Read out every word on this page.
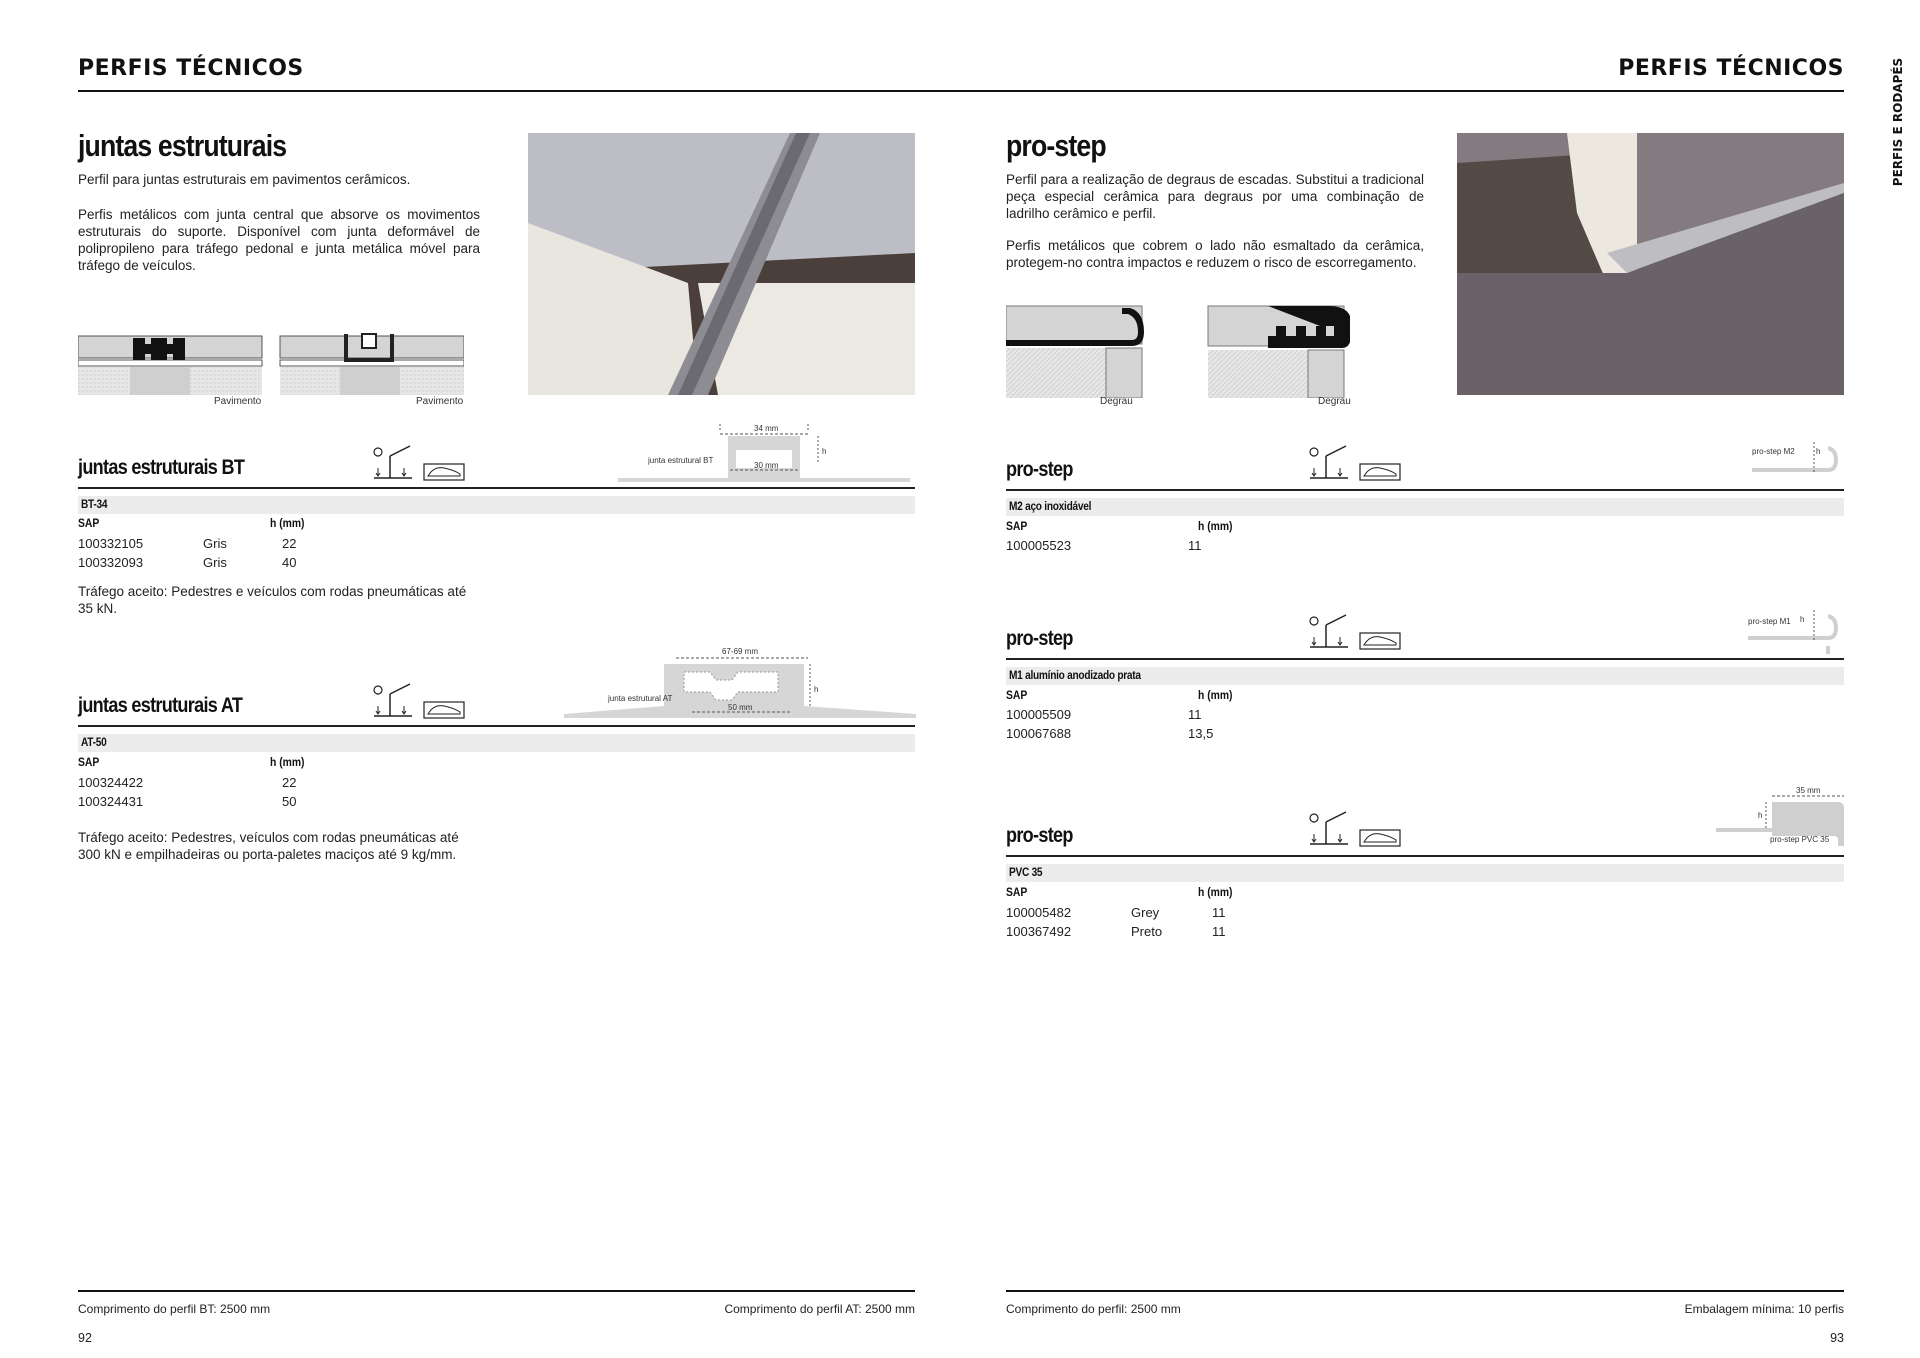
PERFIS TÉCNICOS	PERFIS TÉCNICOS	PERFIS E RODAPÉS
juntas estruturais
Perfil para juntas estruturais em pavimentos cerâmicos.
Perfis metálicos com junta central que absorve os movimentos estruturais do suporte. Disponível com junta deformável de polipropileno para tráfego pedonal e junta metálica móvel para tráfego de veículos.
Pavimento	Pavimento
juntas estruturais BT
34 mm
30 mm
h
junta estrutural BT
BT-34
SAP	h (mm)
100332105	Gris	22
100332093	Gris	40
Tráfego aceito: Pedestres e veículos com rodas pneumáticas até 35 kN.
juntas estruturais AT
67-69 mm
50 mm
h
junta estrutural AT
AT-50
SAP	h (mm)
100324422	22
100324431	50
Tráfego aceito: Pedestres, veículos com rodas pneumáticas até 300 kN e empilhadeiras ou porta-paletes maciços até 9 kg/mm.
pro-step
Perfil para a realização de degraus de escadas. Substitui a tradicional peça especial cerâmica para degraus por uma combinação de ladrilho cerâmico e perfil.
Perfis metálicos que cobrem o lado não esmaltado da cerâmica, protegem-no contra impactos e reduzem o risco de escorregamento.
Degrau	Degrau
pro-step
h
pro-step M2
M2 aço inoxidável
SAP	h (mm)
100005523	11
pro-step
h
pro-step M1
M1 alumínio anodizado prata
SAP	h (mm)
100005509	11
100067688	13,5
pro-step
35 mm
h
pro-step PVC 35
PVC 35
SAP	h (mm)
100005482	Grey	11
100367492	Preto	11
Comprimento do perfil BT: 2500 mm	Comprimento do perfil AT: 2500 mm	Comprimento do perfil: 2500 mm	Embalagem mínima: 10 perfis
92	93
